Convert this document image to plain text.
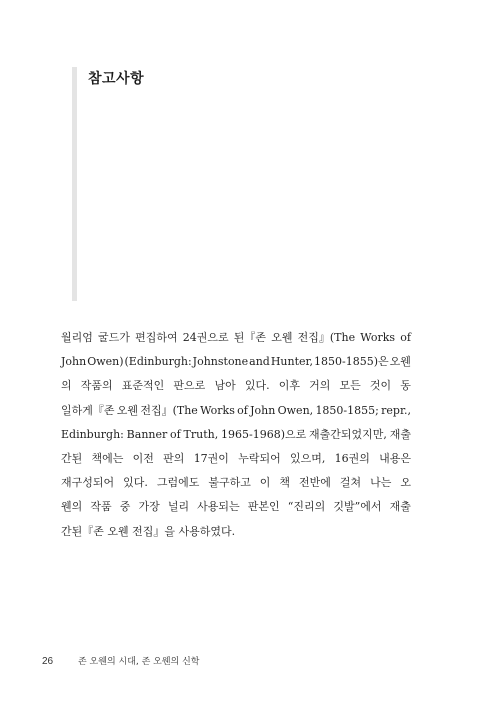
참고사항
월리엄 굴드가 편집하여 24권으로 된『존 오웬 전집』(The Works of
John Owen) (Edinburgh: Johnstone and Hunter, 1850-1855)은 오웬
의 작품의 표준적인 판으로 남아 있다. 이후 거의 모든 것이 동
일하게『존 오웬 전집』(The Works of John Owen, 1850-1855; repr.,
Edinburgh: Banner of Truth, 1965-1968)으로 재출간되었지만, 재출
간된 책에는 이전 판의 17권이 누락되어 있으며, 16권의 내용은
재구성되어 있다. 그럼에도 불구하고 이 책 전반에 걸쳐 나는 오
웬의 작품 중 가장 널리 사용되는 판본인 “진리의 깃발”에서 재출
간된『존 오웬 전집』을 사용하였다.
26	존 오웬의 시대, 존 오웬의 신학
